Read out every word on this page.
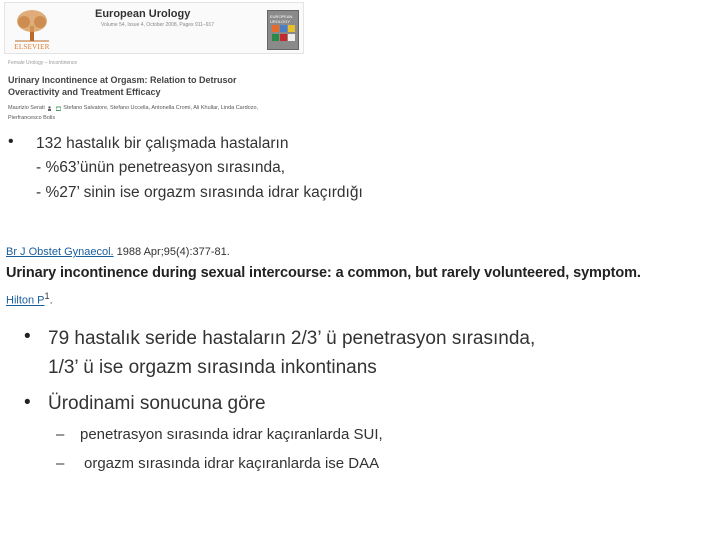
ELSEVIER
European Urology
Volume 54, Issue 4, October 2008, Pages 911–917
EUROPEAN UROLOGY
Female Urology – Incontinence
Urinary Incontinence at Orgasm: Relation to Detrusor Overactivity and Treatment Efficacy
Maurizio Serati	Stefano Salvatore, Stefano Uccella, Antonella Cromi, Ali Khullar, Linda Cardozo, Pierfrancesco Bolis
• 132 hastalık bir çalışmada hastaların
- %63’ünün penetreasyon sırasında,
- %27’ sinin ise orgazm sırasında idrar kaçırdığı
Br J Obstet Gynaecol. 1988 Apr;95(4):377-81.
Urinary incontinence during sexual intercourse: a common, but rarely volunteered, symptom.
Hilton $P^1$.
• 79 hastalık seride hastaların 2/3’ ü penetrasyon sırasında,
1/3’ ü ise orgazm sırasında inkontinans
• Ürodinami sonucuna göre
– penetrasyon sırasında idrar kaçıranlarda SUI,
– orgazm sırasında idrar kaçıranlarda ise DAA
